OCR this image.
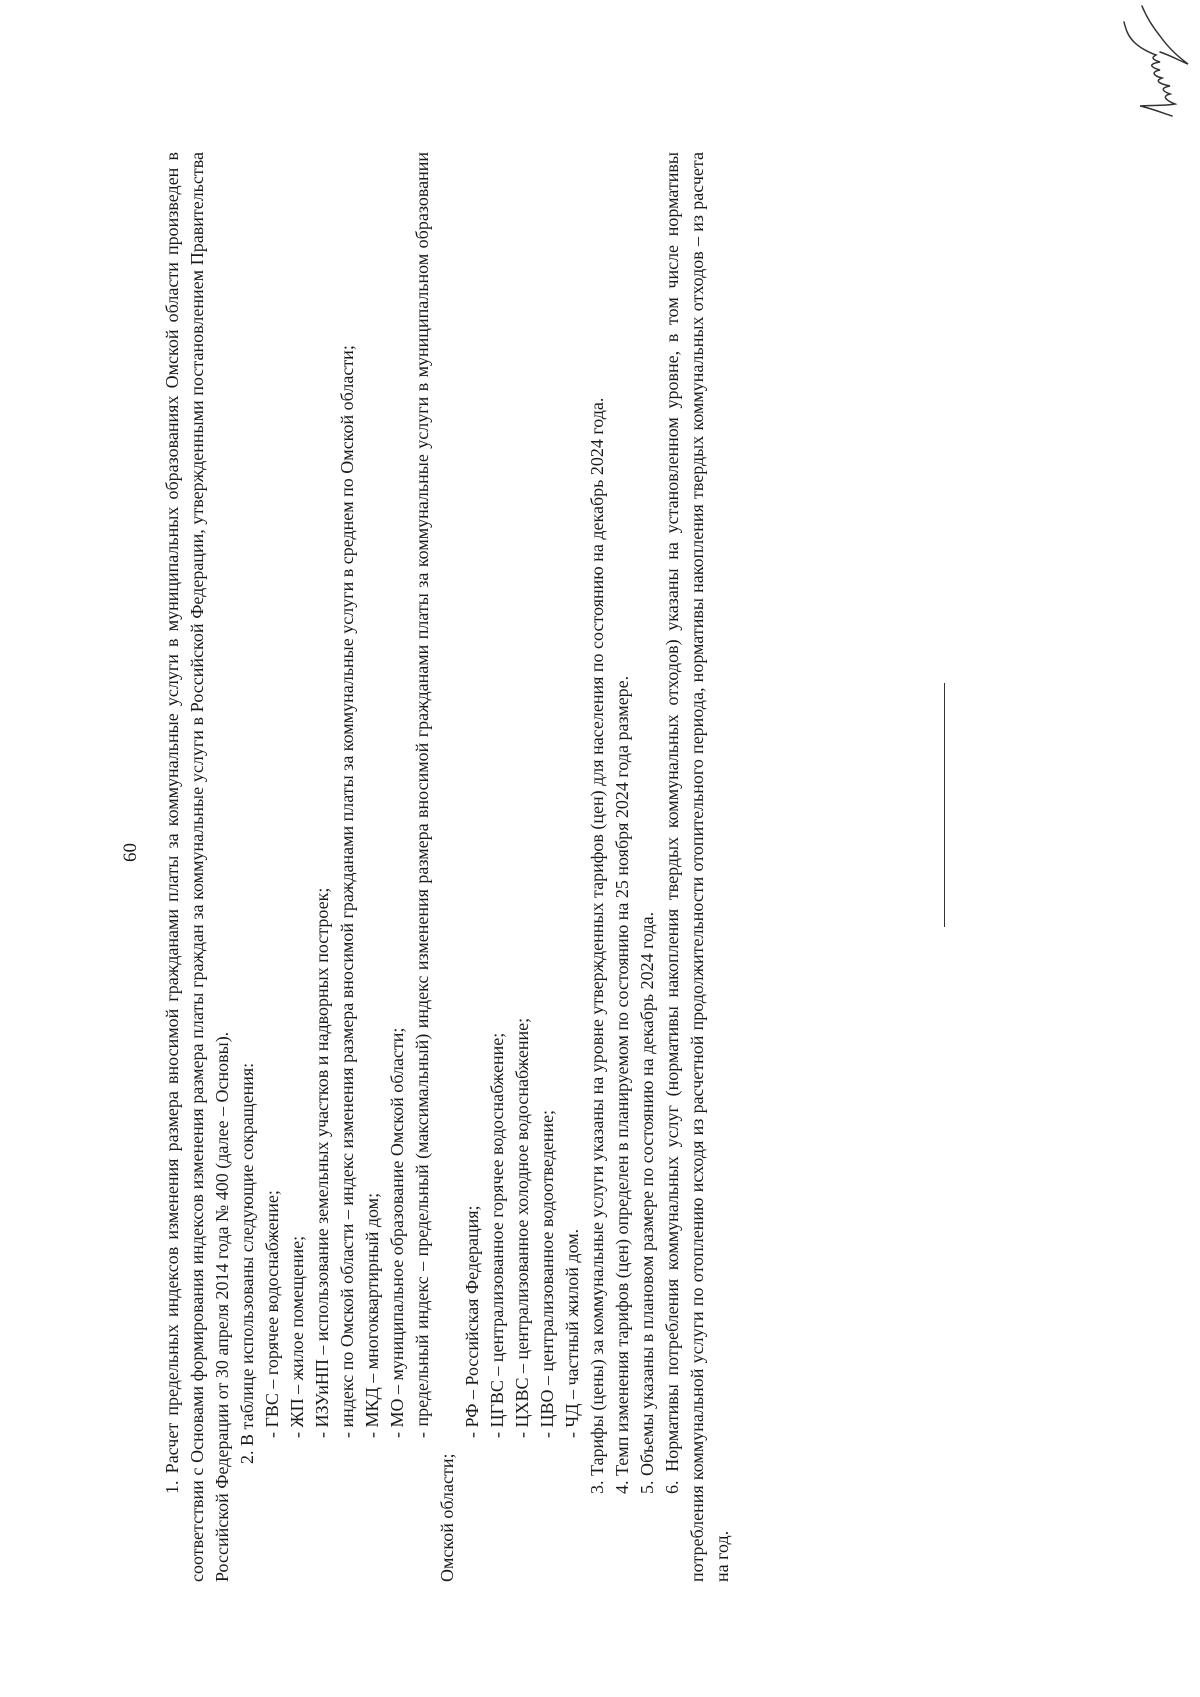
60 1. Расчет предельных индексов изменения размера вносимой гражданами платы за коммунальные услуги в муниципальных образованиях Омской области произведен в соответствии с Основами формирования индексов изменения размера платы граждан за коммунальные услуги в Российской Федерации, утвержденными постановлением Правительства Российской Федерации от 30 апреля 2014 года № 400 (далее – Основы). 2. В таблице использованы следующие сокращения: - ГВС – горячее водоснабжение; - ЖП – жилое помещение; - ИЗУиНП – использование земельных участков и надворных построек; - индекс по Омской области – индекс изменения размера вносимой гражданами платы за коммунальные услуги в среднем по Омской области; - МКД – многоквартирный дом; - МО – муниципальное образование Омской области; - предельный индекс – предельный (максимальный) индекс изменения размера вносимой гражданами платы за коммунальные услуги в муниципальном образовании Омской области;

- РФ – Российская Федерация; - ЦГВС – централизованное горячее водоснабжение; - ЦХВС – централизованное холодное водоснабжение; - ЦВО – централизованное водоотведение; - ЧД – частный жилой дом. 3. Тарифы (цены) за коммунальные услуги указаны на уровне утвержденных тарифов (цен) для населения по состоянию на декабрь 2024 года. 4. Темп изменения тарифов (цен) определен в планируемом по состоянию на 25 ноября 2024 года размере. 5. Объемы указаны в плановом размере по состоянию на декабрь 2024 года. 6. Нормативы потребления коммунальных услуг (нормативы накопления твердых коммунальных отходов) указаны на установленном уровне, в том числе нормативы потребления коммунальной услуги по отоплению исходя из расчетной продолжительности отопительного периода, нормативы накопления твердых коммунальных отходов – из расчета на год.
